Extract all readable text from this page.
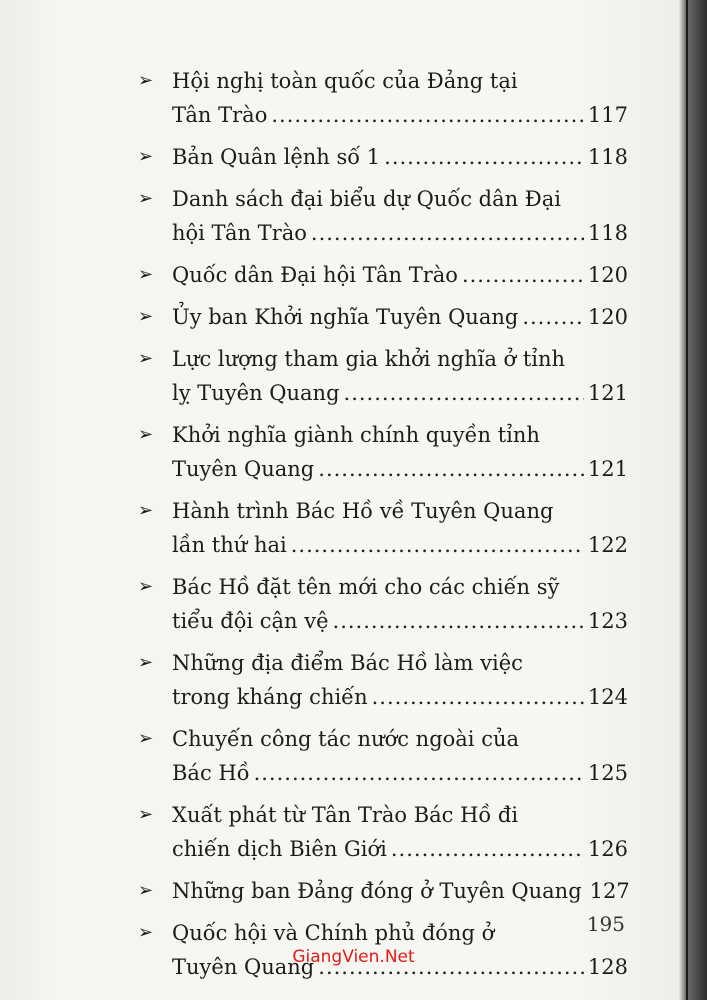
➢ Hội nghị toàn quốc của Đảng tại
Tân Trào .....	117
➢ Bản Quân lệnh số 1 .....	118
➢ Danh sách đại biểu dự Quốc dân Đại
hội Tân Trào .....	118
➢ Quốc dân Đại hội Tân Trào .....	120
➢ Ủy ban Khởi nghĩa Tuyên Quang .....	120
➢ Lực lượng tham gia khởi nghĩa ở tỉnh
lỵ Tuyên Quang .....	121
➢ Khởi nghĩa giành chính quyền tỉnh
Tuyên Quang .....	121
➢ Hành trình Bác Hồ về Tuyên Quang
lần thứ hai .....	122
➢ Bác Hồ đặt tên mới cho các chiến sỹ
tiểu đội cận vệ .....	123
➢ Những địa điểm Bác Hồ làm việc
trong kháng chiến .....	124
➢ Chuyến công tác nước ngoài của
Bác Hồ .....	125
➢ Xuất phát từ Tân Trào Bác Hồ đi
chiến dịch Biên Giới .....	126
➢ Những ban Đảng đóng ở Tuyên Quang 127
➢ Quốc hội và Chính phủ đóng ở
Tuyên Quang .....	128
195
GiangVien.Net
